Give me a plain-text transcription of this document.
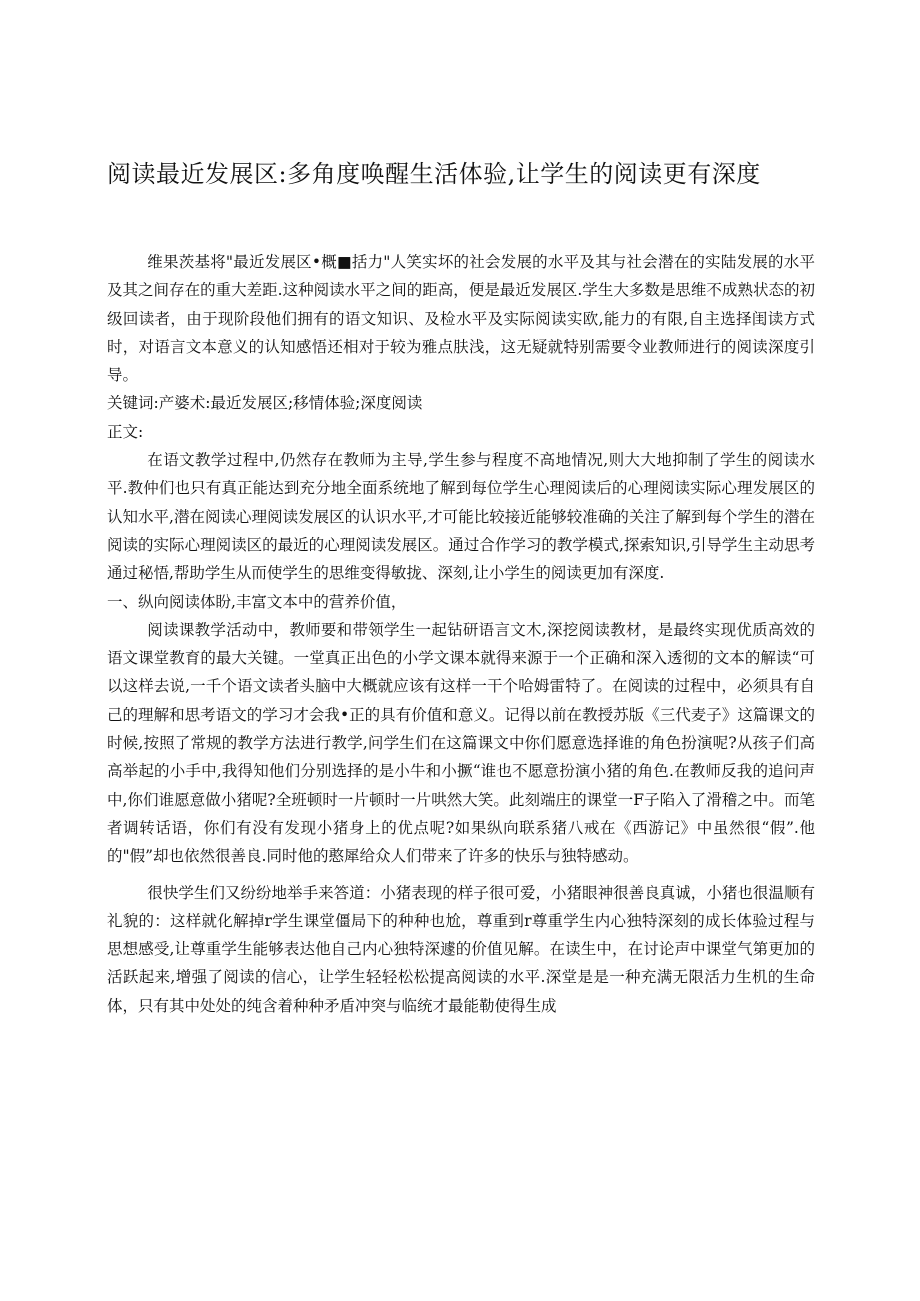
阅读最近发展区:多角度唤醒生活体验,让学生的阅读更有深度

维果茨基将"最近发展区•概■括力"人笑实坏的社会发展的水平及其与社会潜在的实陆发展的水平及其之间存在的重大差距.这种阅读水平之间的距高，便是最近发展区.学生大多数是思维不成熟状态的初级回读者，由于现阶段他们拥有的语文知识、及检水平及实际阅读实欧,能力的有限,自主选择闺读方式时，对语言文本意义的认知感悟还相对于较为雅点肤浅，这无疑就特别需要令业教师进行的阅读深度引导。

关键词:产婆术:最近发展区;移情体验;深度阅读

正文:

在语文教学过程中,仍然存在教师为主导,学生参与程度不高地情况,则大大地抑制了学生的阅读水平.教仲们也只有真正能达到充分地全面系统地了解到每位学生心理阅读后的心理阅读实际心理发展区的认知水平,潜在阅读心理阅读发展区的认识水平,才可能比较接近能够较准确的关注了解到每个学生的潜在阅读的实际心理阅读区的最近的心理阅读发展区。通过合作学习的教学模式,探索知识,引导学生主动思考通过秘悟,帮助学生从而使学生的思维变得敏拢、深刻,让小学生的阅读更加有深度.

一、纵向阅读体盼,丰富文本中的营养价值，

阅读课教学活动中，教师要和带领学生一起钻研语言文木,深挖阅读教材，是最终实现优质高效的语文课堂教育的最大关键。一堂真正出色的小学文课本就得来源于一个正确和深入透彻的文本的解读“可以这样去说,一千个语文读者头脑中大概就应该有这样一干个哈姆雷特了。在阅读的过程中，必须具有自己的理解和思考语文的学习才会我•正的具有价值和意义。记得以前在教授苏版《三代麦子》这篇课文的时候,按照了常规的教学方法进行教学,问学生们在这篇课文中你们愿意选择谁的角色扮演呢?从孩子们高高举起的小手中,我得知他们分别选择的是小牛和小撅“谁也不愿意扮演小猪的角色.在教师反我的追问声中,你们谁愿意做小猪呢?全班顿时一片顿时一片哄然大笑。此刻端庄的课堂一F子陷入了滑稽之中。而笔者调转话语，你们有没有发现小猪身上的优点呢?如果纵向联系猪八戒在《西游记》中虽然很“假”.他的"假”却也依然很善良.同时他的憨犀给众人们带来了许多的快乐与独特感动。

很快学生们又纷纷地举手来答道：小猪表现的样子很可爱，小猪眼神很善良真诚，小猪也很温顺有礼貌的：这样就化解掉r学生课堂僵局下的种种也尬，尊重到r尊重学生内心独特深刻的成长体验过程与思想感受,让尊重学生能够表达他自己内心独特深遽的价值见解。在读生中，在讨论声中课堂气第更加的活跃起来,增强了阅读的信心，让学生轻轻松松提高阅读的水平.深堂是是一种充满无限活力生机的生命体，只有其中处处的纯含着种种矛盾冲突与临统才最能勒使得生成
